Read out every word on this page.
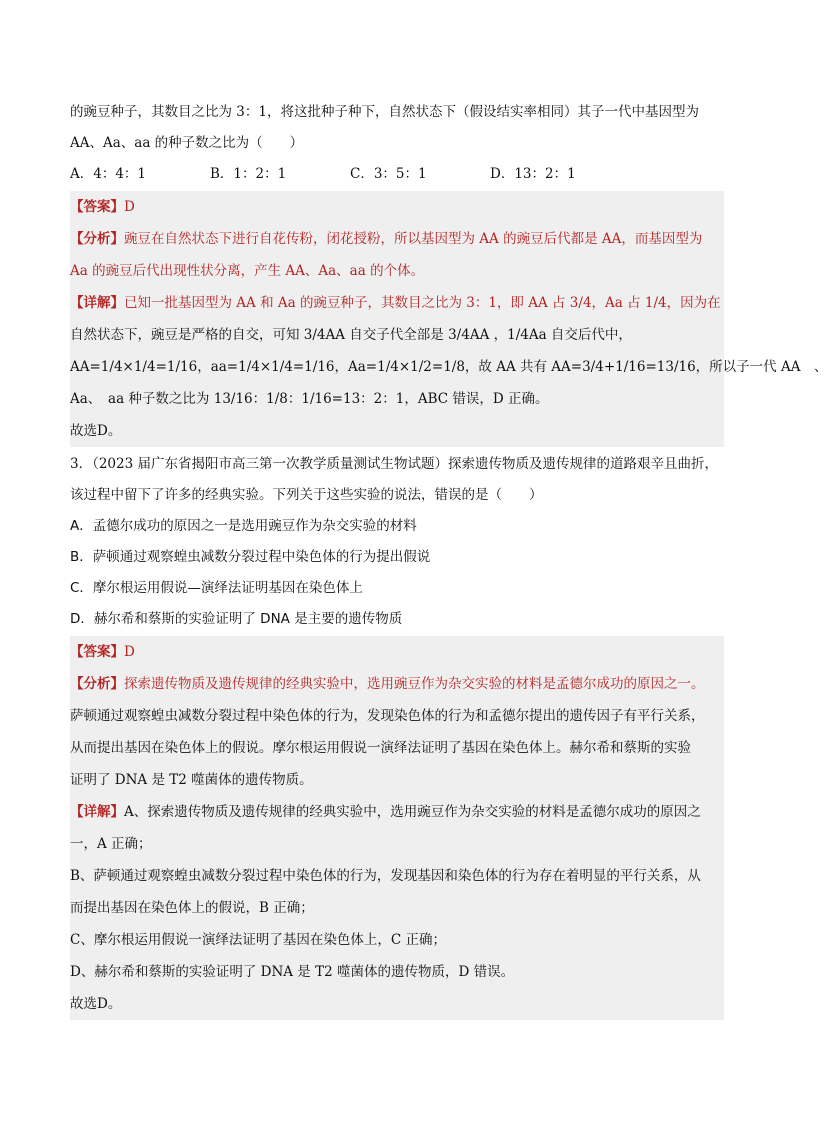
的豌豆种子，其数目之比为 3：1，将这批种子种下，自然状态下（假设结实率相同）其子一代中基因型为
AA、Aa、aa 的种子数之比为（　　）
A．4：4：1	B．1：2：1	C．3：5：1	D．13：2：1
【答案】D
【分析】豌豆在自然状态下进行自花传粉，闭花授粉，所以基因型为 AA 的豌豆后代都是 AA，而基因型为
Aa 的豌豆后代出现性状分离，产生 AA、Aa、aa 的个体。
【详解】已知一批基因型为 AA 和 Aa 的豌豆种子，其数目之比为 3：1，即 AA 占 3/4，Aa 占 1/4，因为在
自然状态下，豌豆是严格的自交，可知 3/4AA 自交子代全部是 3/4AA ，1/4Aa 自交后代中，
AA=1/4×1/4=1/16，aa=1/4×1/4=1/16，Aa=1/4×1/2=1/8，故 AA 共有 AA=3/4+1/16=13/16，所以子一代 AA　、
Aa、　aa 种子数之比为 13/16：1/8：1/16=13：2：1，ABC 错误，D 正确。
故选D。
3．（2023 届广东省揭阳市高三第一次教学质量测试生物试题）探索遗传物质及遗传规律的道路艰辛且曲折，
该过程中留下了许多的经典实验。下列关于这些实验的说法，错误的是（　　）
A．孟德尔成功的原因之一是选用豌豆作为杂交实验的材料
B．萨顿通过观察蝗虫减数分裂过程中染色体的行为提出假说
C．摩尔根运用假说—演绎法证明基因在染色体上
D．赫尔希和蔡斯的实验证明了 DNA 是主要的遗传物质
【答案】D
【分析】探索遗传物质及遗传规律的经典实验中，选用豌豆作为杂交实验的材料是孟德尔成功的原因之一。
萨顿通过观察蝗虫减数分裂过程中染色体的行为，发现染色体的行为和孟德尔提出的遗传因子有平行关系，
从而提出基因在染色体上的假说。摩尔根运用假说一演绎法证明了基因在染色体上。赫尔希和蔡斯的实验
证明了 DNA 是 T2 噬菌体的遗传物质。
【详解】A、探索遗传物质及遗传规律的经典实验中，选用豌豆作为杂交实验的材料是孟德尔成功的原因之
一，A 正确；
B、萨顿通过观察蝗虫减数分裂过程中染色体的行为，发现基因和染色体的行为存在着明显的平行关系，从
而提出基因在染色体上的假说，B 正确；
C、摩尔根运用假说一演绎法证明了基因在染色体上，C 正确；
D、赫尔希和蔡斯的实验证明了 DNA 是 T2 噬菌体的遗传物质，D 错误。
故选D。
